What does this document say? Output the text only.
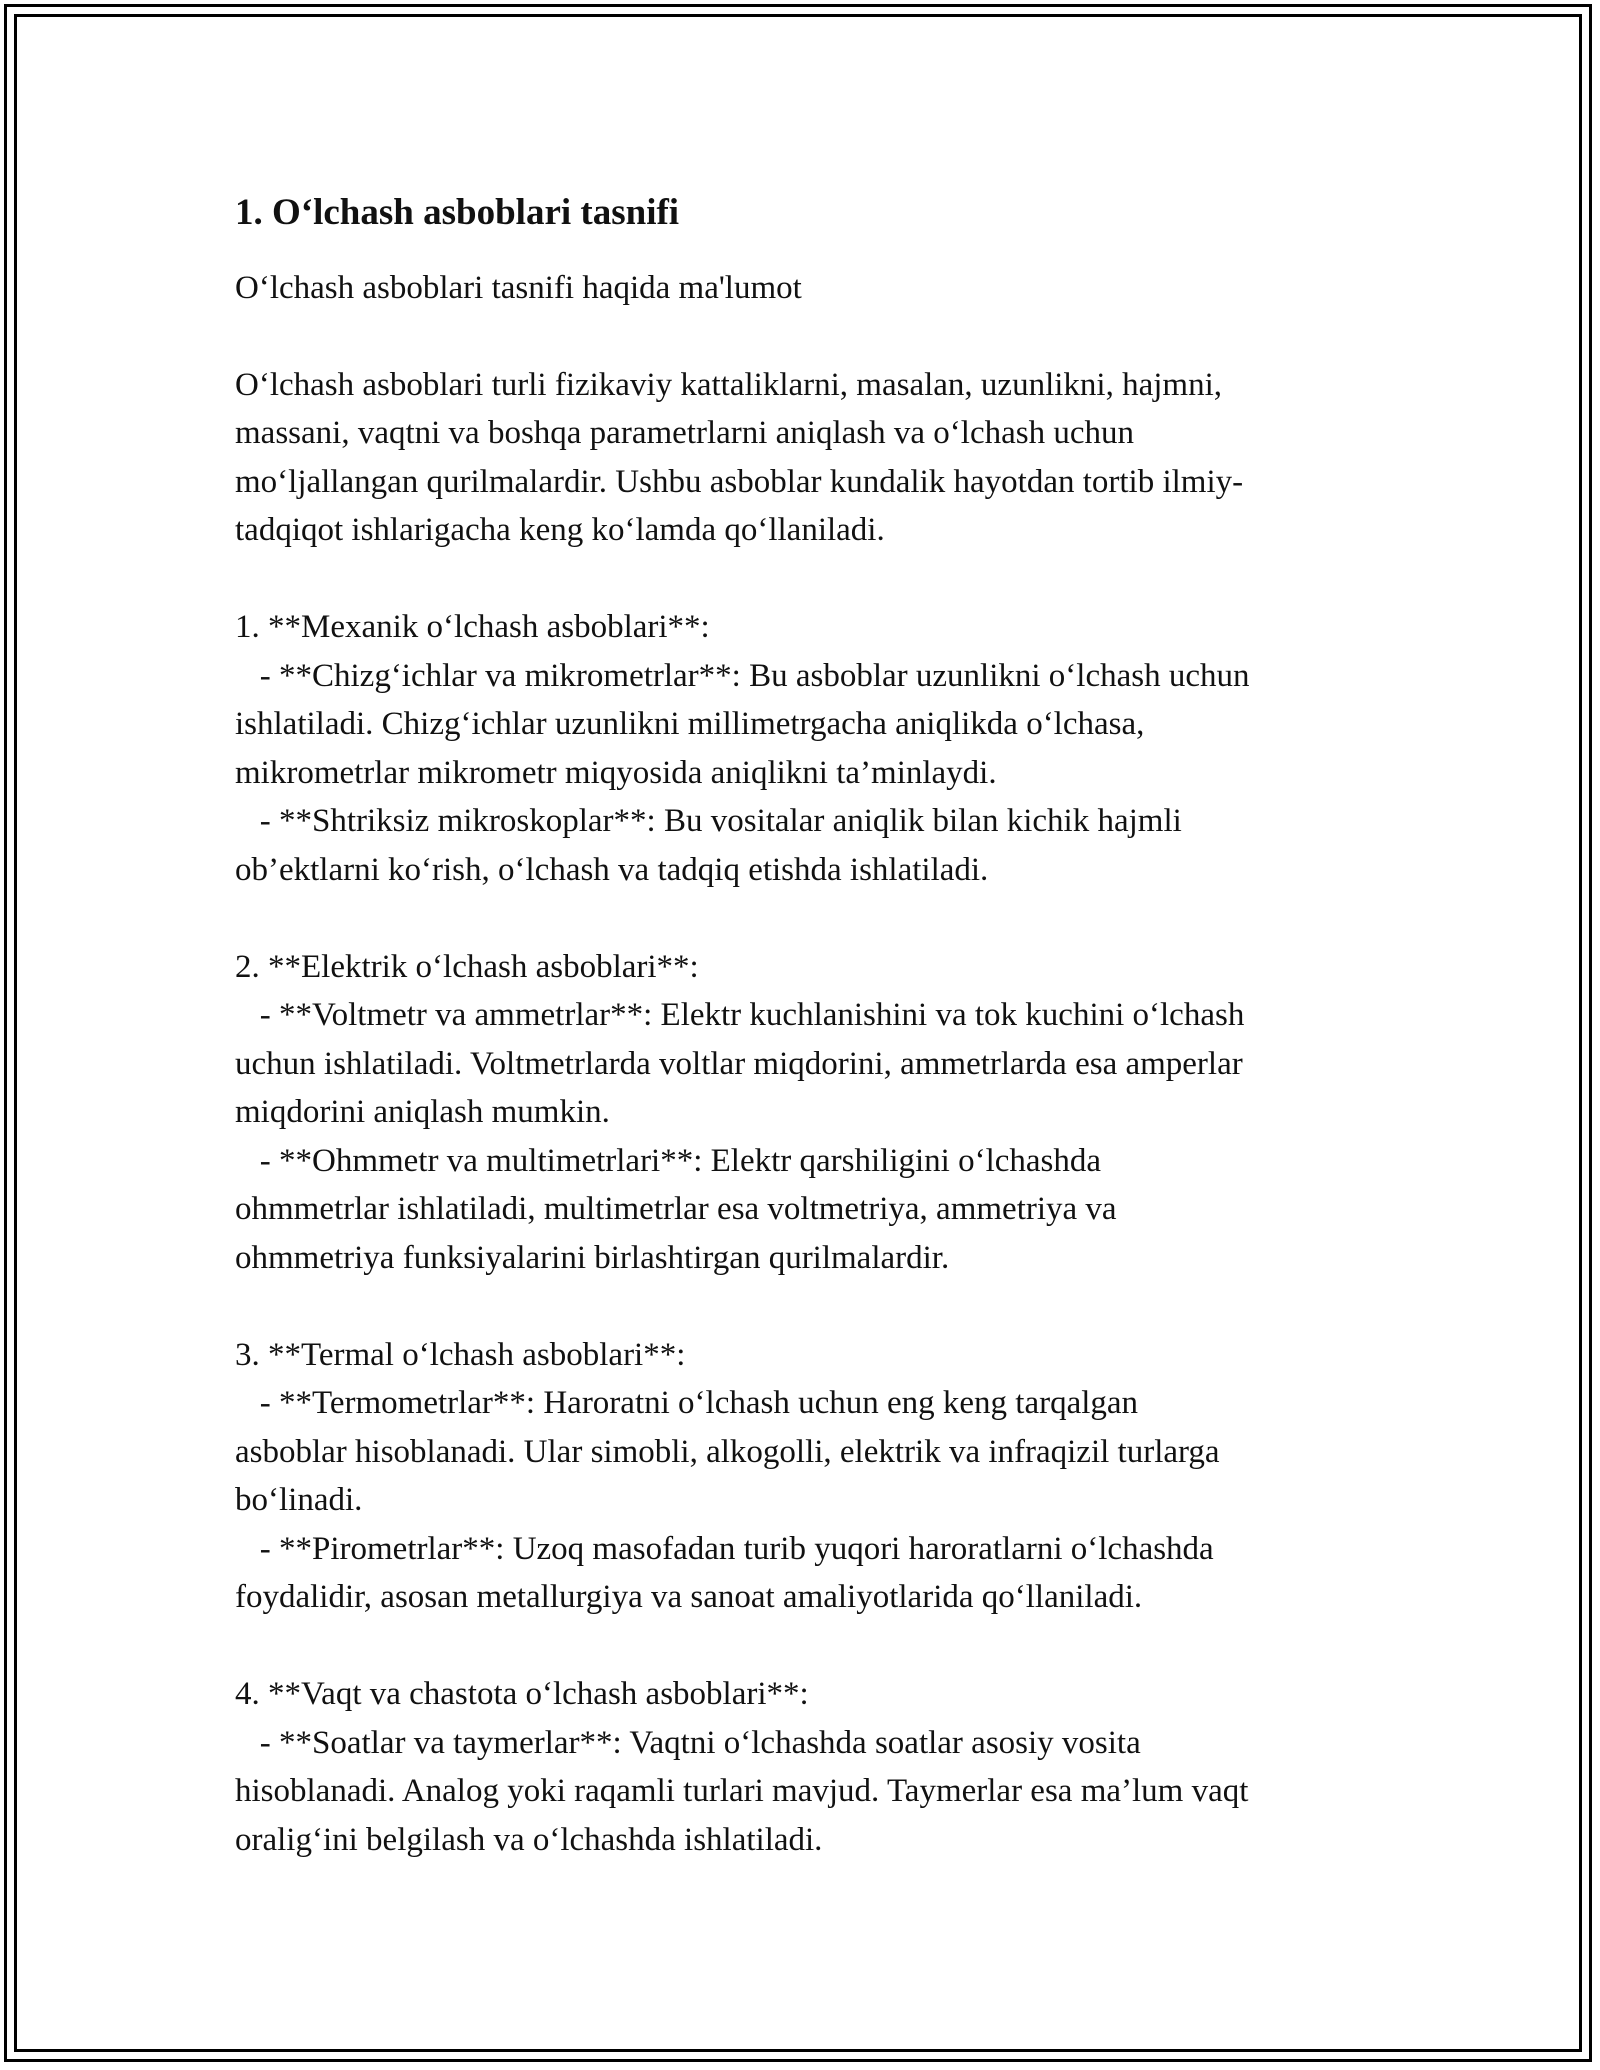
1. O‘lchash asboblari tasnifi
O‘lchash asboblari tasnifi haqida ma'lumot
O‘lchash asboblari turli fizikaviy kattaliklarni, masalan, uzunlikni, hajmni,
massani, vaqtni va boshqa parametrlarni aniqlash va o‘lchash uchun
mo‘ljallangan qurilmalardir. Ushbu asboblar kundalik hayotdan tortib ilmiy-
tadqiqot ishlarigacha keng ko‘lamda qo‘llaniladi.
1. **Mexanik o‘lchash asboblari**:
- **Chizg‘ichlar va mikrometrlar**: Bu asboblar uzunlikni o‘lchash uchun
ishlatiladi. Chizg‘ichlar uzunlikni millimetrgacha aniqlikda o‘lchasa,
mikrometrlar mikrometr miqyosida aniqlikni ta’minlaydi.
- **Shtriksiz mikroskoplar**: Bu vositalar aniqlik bilan kichik hajmli
ob’ektlarni ko‘rish, o‘lchash va tadqiq etishda ishlatiladi.
2. **Elektrik o‘lchash asboblari**:
- **Voltmetr va ammetrlar**: Elektr kuchlanishini va tok kuchini o‘lchash
uchun ishlatiladi. Voltmetrlarda voltlar miqdorini, ammetrlarda esa amperlar
miqdorini aniqlash mumkin.
- **Ohmmetr va multimetrlari**: Elektr qarshiligini o‘lchashda
ohmmetrlar ishlatiladi, multimetrlar esa voltmetriya, ammetriya va
ohmmetriya funksiyalarini birlashtirgan qurilmalardir.
3. **Termal o‘lchash asboblari**:
- **Termometrlar**: Haroratni o‘lchash uchun eng keng tarqalgan
asboblar hisoblanadi. Ular simobli, alkogolli, elektrik va infraqizil turlarga
bo‘linadi.
- **Pirometrlar**: Uzoq masofadan turib yuqori haroratlarni o‘lchashda
foydalidir, asosan metallurgiya va sanoat amaliyotlarida qo‘llaniladi.
4. **Vaqt va chastota o‘lchash asboblari**:
- **Soatlar va taymerlar**: Vaqtni o‘lchashda soatlar asosiy vosita
hisoblanadi. Analog yoki raqamli turlari mavjud. Taymerlar esa ma’lum vaqt
oralig‘ini belgilash va o‘lchashda ishlatiladi.
